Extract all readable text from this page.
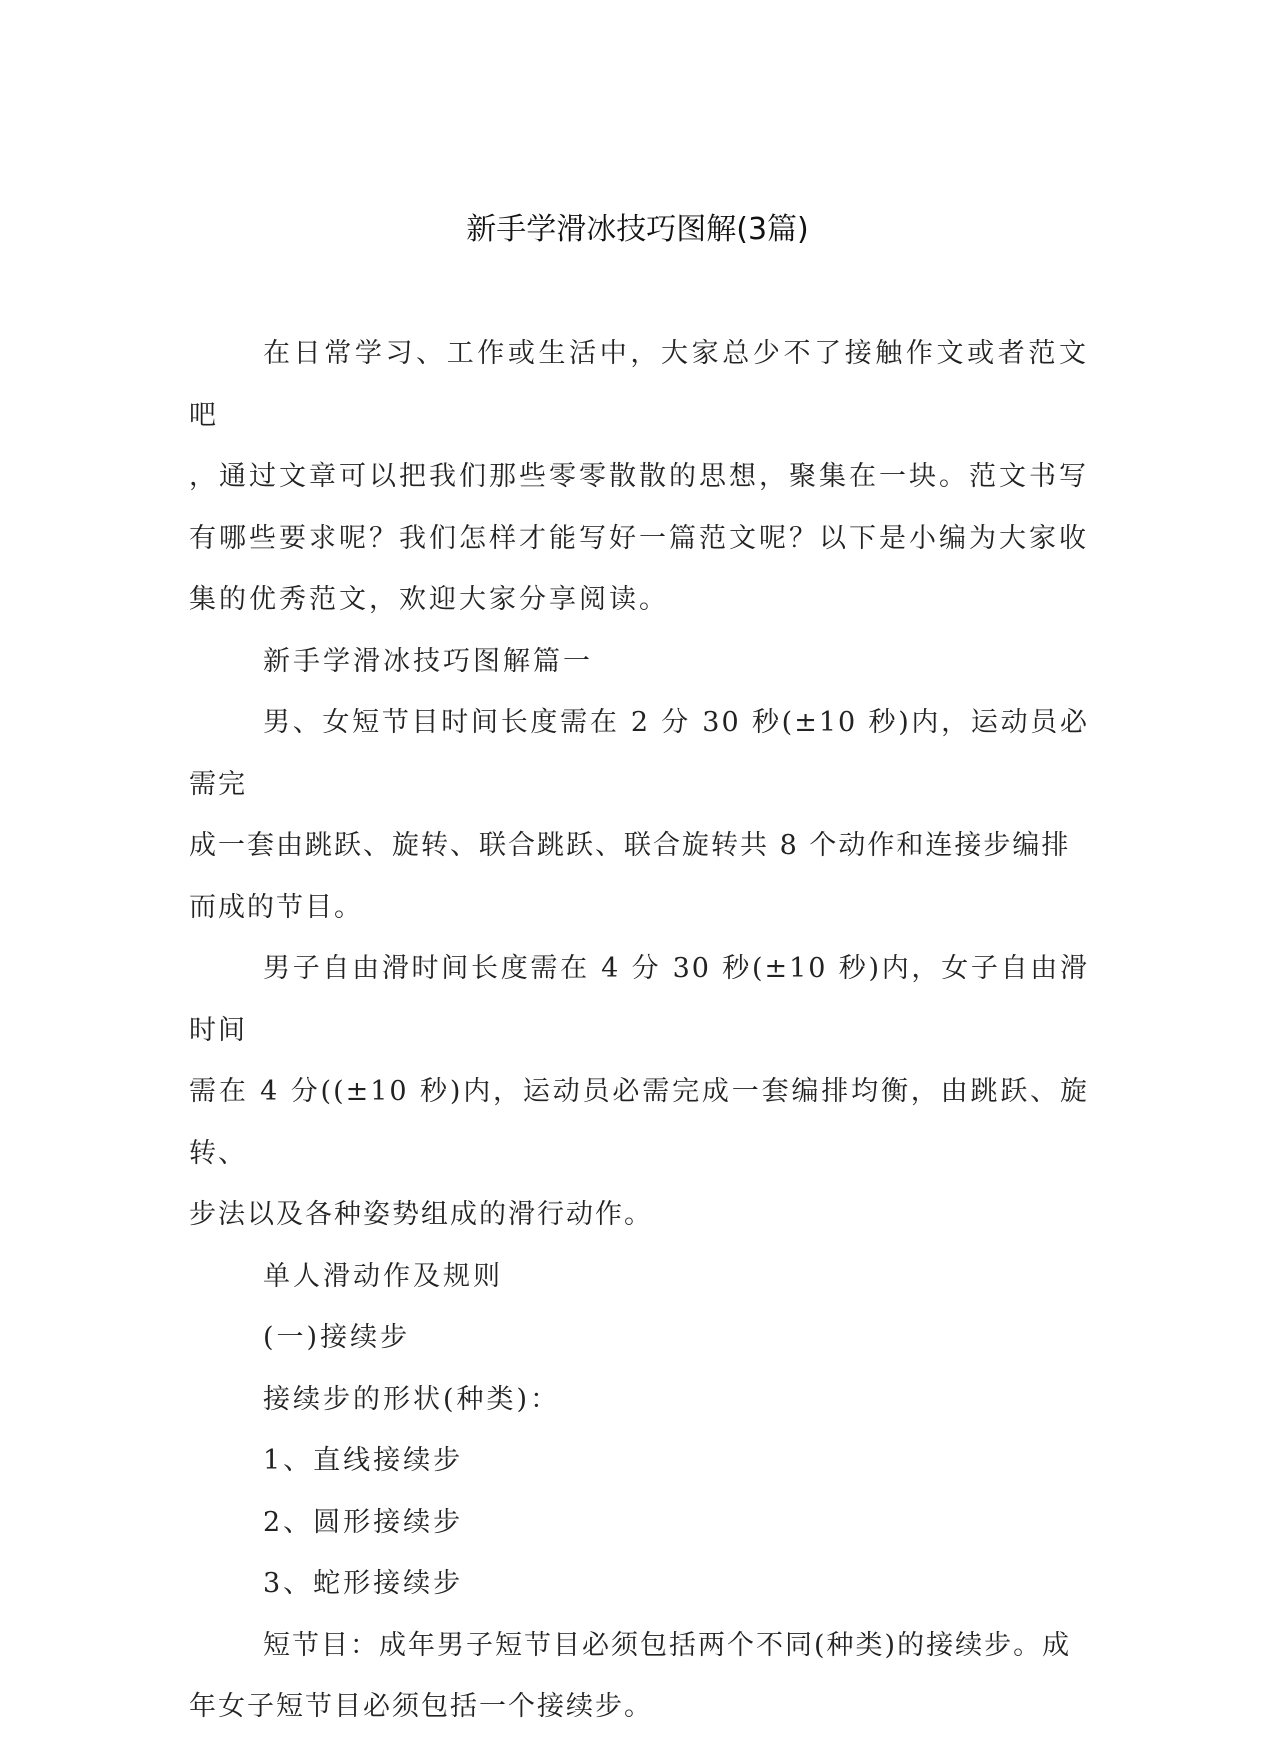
新手学滑冰技巧图解(3篇)

在日常学习、工作或生活中，大家总少不了接触作文或者范文吧
，通过文章可以把我们那些零零散散的思想，聚集在一块。范文书写
有哪些要求呢？我们怎样才能写好一篇范文呢？以下是小编为大家收
集的优秀范文，欢迎大家分享阅读。

新手学滑冰技巧图解篇一

男、女短节目时间长度需在 2 分 30 秒(±10 秒)内，运动员必需完
成一套由跳跃、旋转、联合跳跃、联合旋转共 8 个动作和连接步编排
而成的节目。

男子自由滑时间长度需在 4 分 30 秒(±10 秒)内，女子自由滑时间
需在 4 分((±10 秒)内，运动员必需完成一套编排均衡，由跳跃、旋转、
步法以及各种姿势组成的滑行动作。

单人滑动作及规则

(一)接续步

接续步的形状(种类)：

1、直线接续步

2、圆形接续步

3、蛇形接续步

短节目：成年男子短节目必须包括两个不同(种类)的接续步。成
年女子短节目必须包括一个接续步。
